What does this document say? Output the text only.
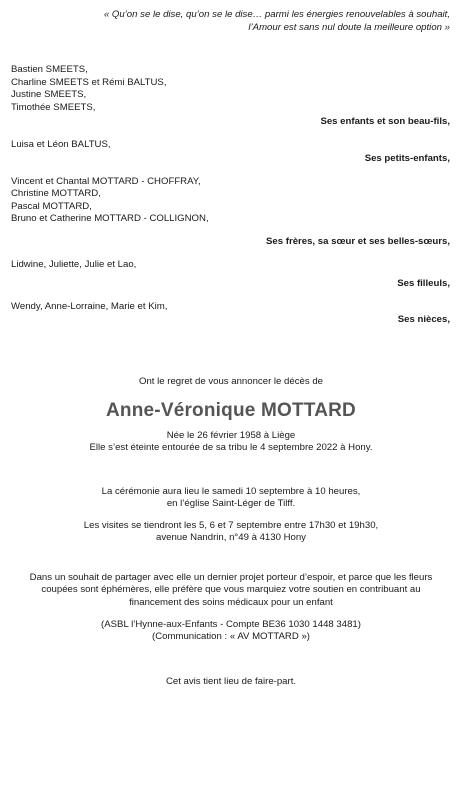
« Qu’on se le dise, qu’on se le dise… parmi les énergies renouvelables à souhait,
l’Amour est sans nul doute la meilleure option »
Bastien SMEETS,
Charline SMEETS et Rémi BALTUS,
Justine SMEETS,
Timothée SMEETS,
Ses enfants et son beau-fils,
Luisa et Léon BALTUS,
Ses petits-enfants,
Vincent et Chantal MOTTARD - CHOFFRAY,
Christine MOTTARD,
Pascal MOTTARD,
Bruno et Catherine MOTTARD - COLLIGNON,
Ses frères, sa sœur et ses belles-sœurs,
Lidwine, Juliette, Julie et Lao,
Ses filleuls,
Wendy, Anne-Lorraine, Marie et Kim,
Ses nièces,
Ont le regret de vous annoncer le décès de
Anne-Véronique MOTTARD
Née le 26 février 1958 à Liège
Elle s’est éteinte entourée de sa tribu le 4 septembre 2022 à Hony.
La cérémonie aura lieu le samedi 10 septembre à 10 heures,
en l’église Saint-Léger de Tilff.
Les visites se tiendront les 5, 6 et 7 septembre entre 17h30 et 19h30,
avenue Nandrin, n°49 à 4130 Hony
Dans un souhait de partager avec elle un dernier projet porteur d’espoir, et parce que les fleurs
coupées sont éphémères, elle préfère que vous marquiez votre soutien en contribuant au
financement des soins médicaux pour un enfant
(ASBL l’Hynne-aux-Enfants - Compte BE36 1030 1448 3481)
(Communication : « AV MOTTARD »)
Cet avis tient lieu de faire-part.
